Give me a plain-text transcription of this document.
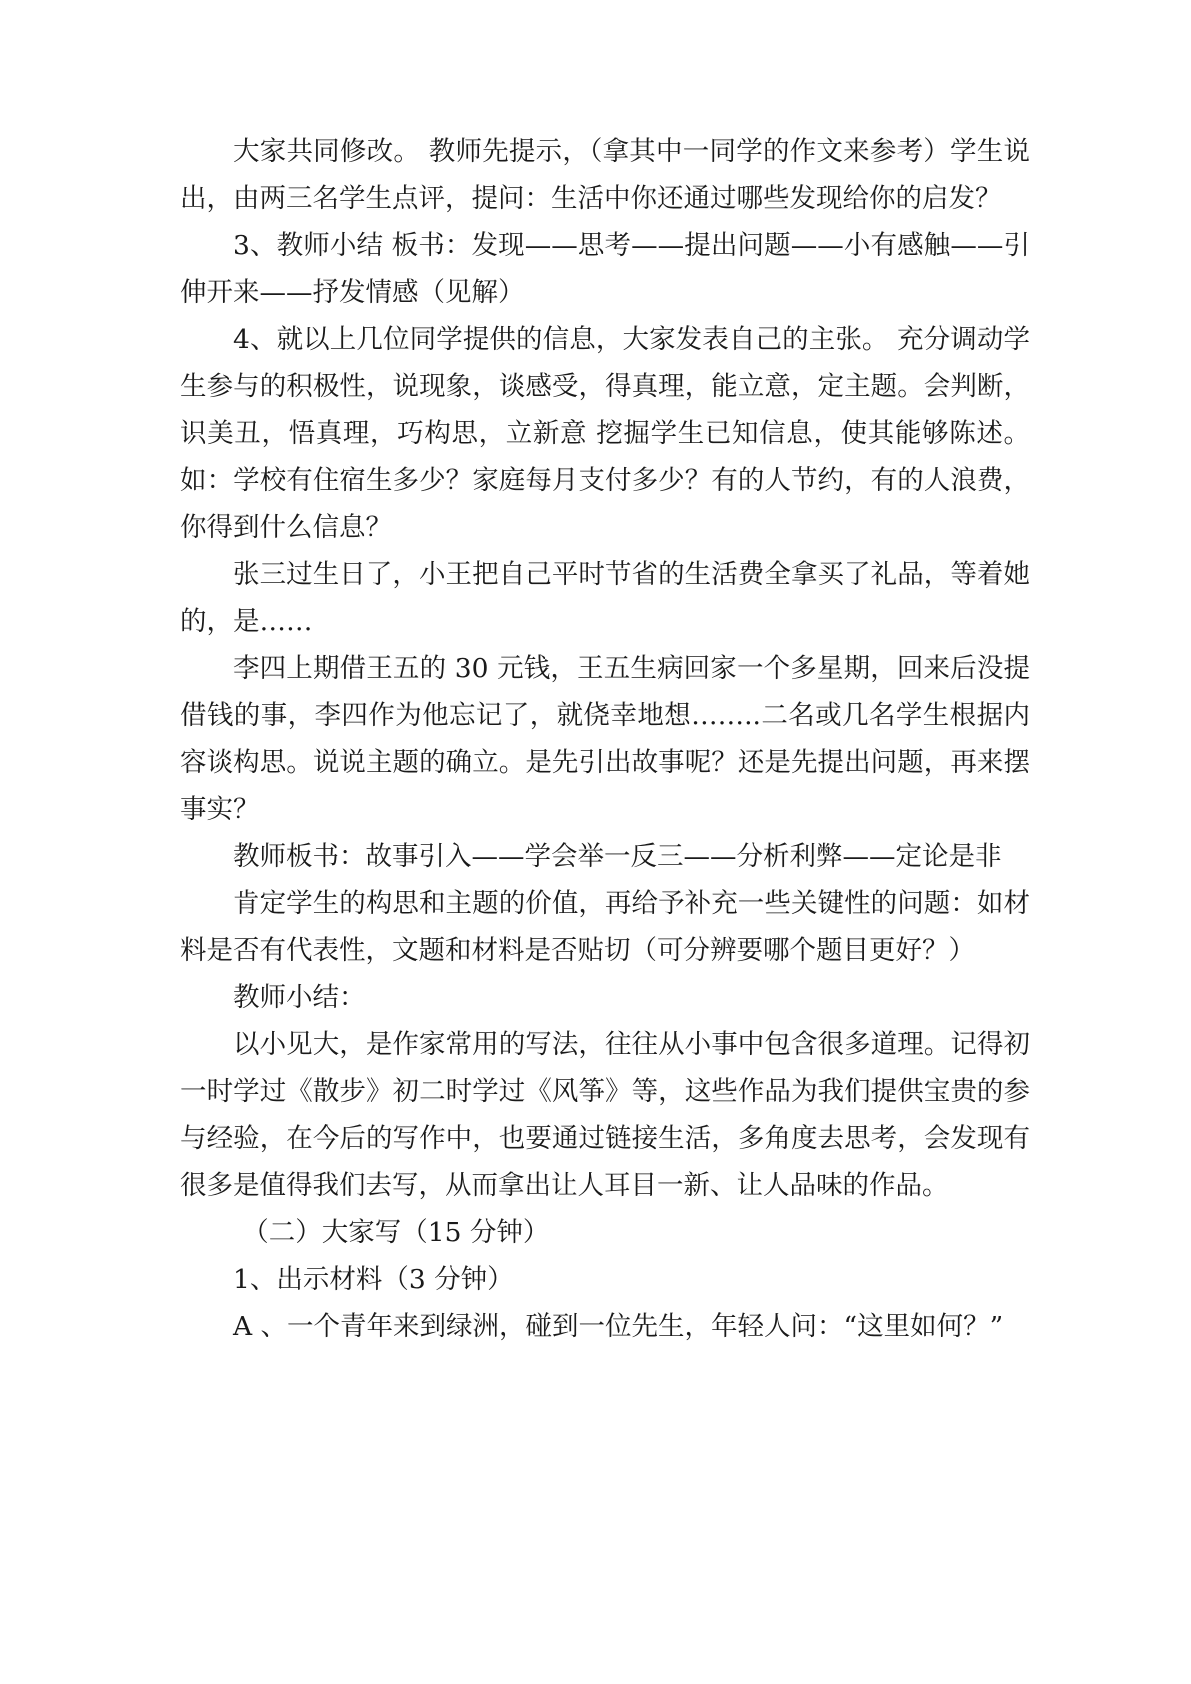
大家共同修改。 教师先提示，（拿其中一同学的作文来参考）学生说出，由两三名学生点评，提问：生活中你还通过哪些发现给你的启发？

3、教师小结 板书：发现——思考——提出问题——小有感触——引伸开来——抒发情感（见解）

4、就以上几位同学提供的信息，大家发表自己的主张。 充分调动学生参与的积极性，说现象，谈感受，得真理，能立意，定主题。会判断，识美丑，悟真理，巧构思，立新意 挖掘学生已知信息，使其能够陈述。 如：学校有住宿生多少？家庭每月支付多少？有的人节约，有的人浪费，你得到什么信息？

张三过生日了，小王把自己平时节省的生活费全拿买了礼品，等着她的，是……

李四上期借王五的 30 元钱，王五生病回家一个多星期，回来后没提借钱的事，李四作为他忘记了，就侥幸地想……..二名或几名学生根据内容谈构思。说说主题的确立。是先引出故事呢？还是先提出问题，再来摆事实？

教师板书：故事引入——学会举一反三——分析利弊——定论是非

肯定学生的构思和主题的价值，再给予补充一些关键性的问题：如材料是否有代表性，文题和材料是否贴切（可分辨要哪个题目更好？）

教师小结：

以小见大，是作家常用的写法，往往从小事中包含很多道理。记得初一时学过《散步》初二时学过《风筝》等，这些作品为我们提供宝贵的参与经验，在今后的写作中，也要通过链接生活，多角度去思考，会发现有很多是值得我们去写，从而拿出让人耳目一新、让人品味的作品。

（二）大家写（15 分钟）

1、出示材料（3 分钟）

A 、一个青年来到绿洲，碰到一位先生，年轻人问：“这里如何？”
